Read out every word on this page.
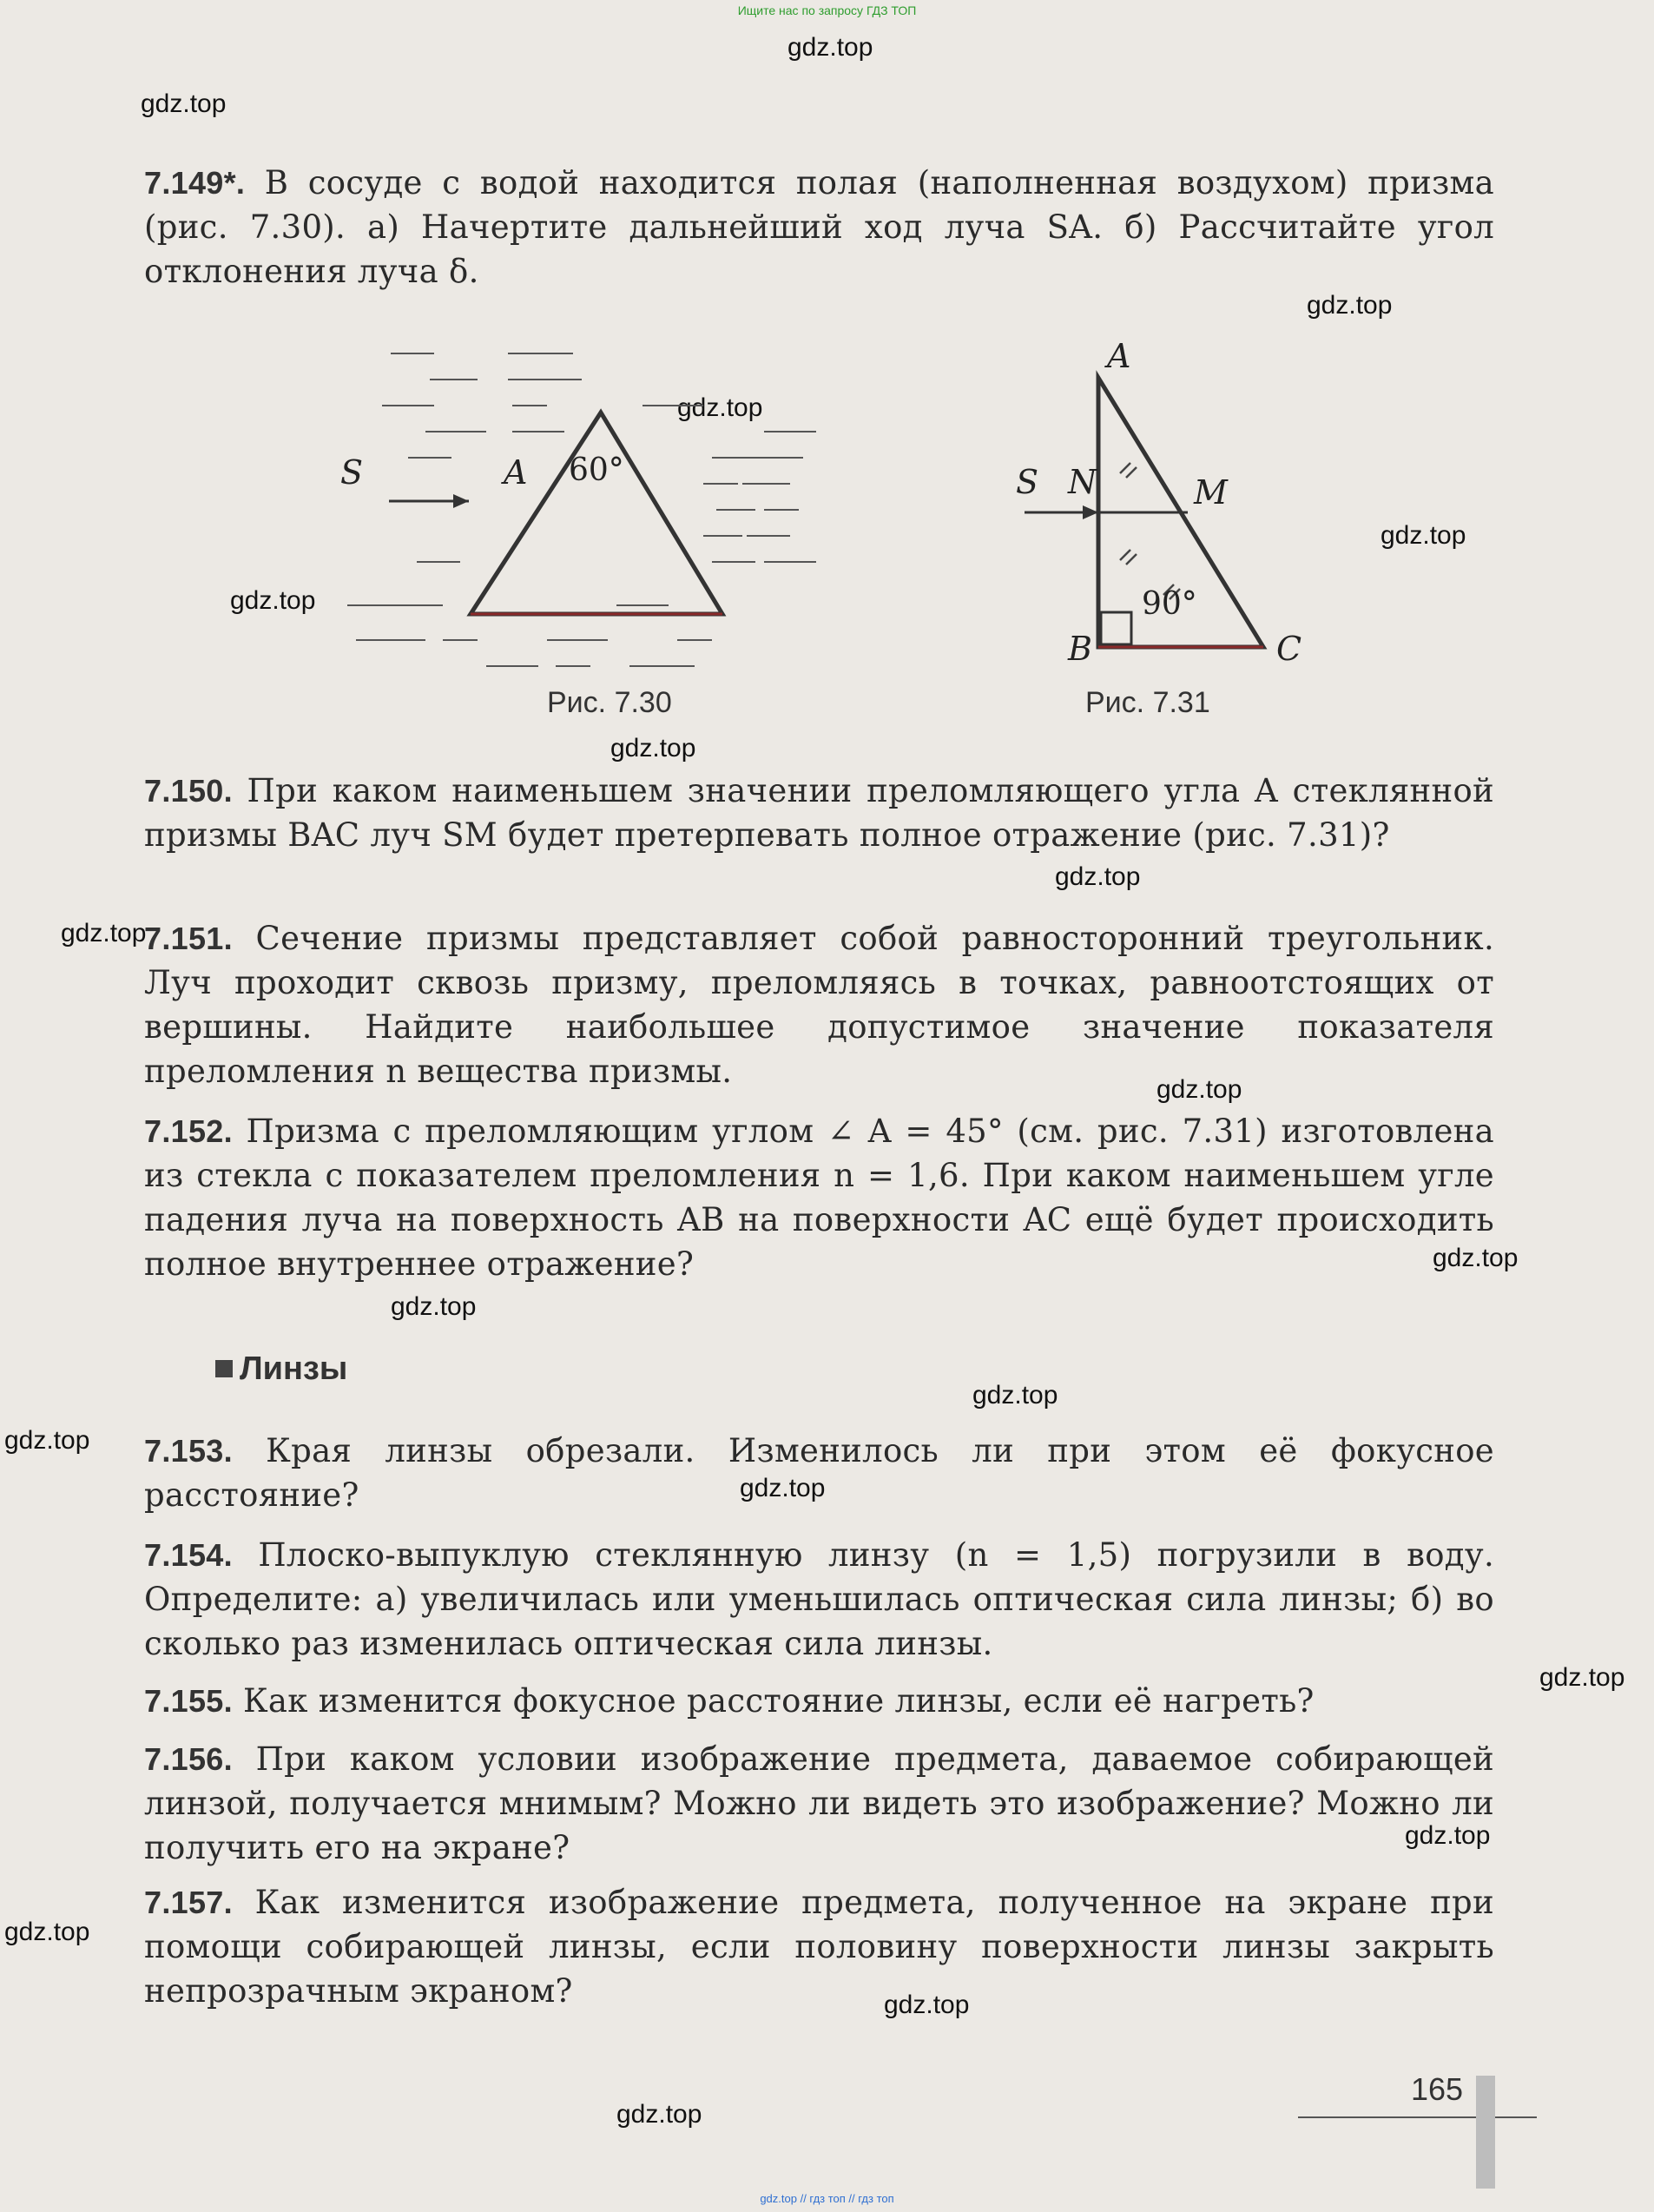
Ищите нас по запросу ГДЗ ТОП
gdz.top
gdz.top
gdz.top
gdz.top
gdz.top
gdz.top
gdz.top
gdz.top
gdz.top
gdz.top
gdz.top
gdz.top
gdz.top
gdz.top
gdz.top
gdz.top
gdz.top
gdz.top
gdz.top
gdz.top
7.149*. В сосуде с водой находится полая (наполненная воздухом) призма (рис. 7.30). а) Начертите дальнейший ход луча SA. б) Рассчитайте угол отклонения луча δ.
S	A 60°
Рис. 7.30
A
S N	M
90°
B	C
Рис. 7.31
7.150. При каком наименьшем значении преломляющего угла A стеклянной призмы BAC луч SM будет претерпевать полное отражение (рис. 7.31)?
7.151. Сечение призмы представляет собой равносторонний треугольник. Луч проходит сквозь призму, преломляясь в точках, равноотстоящих от вершины. Найдите наибольшее допустимое значение показателя преломления n вещества призмы.
7.152. Призма с преломляющим углом ∠ A = 45° (см. рис. 7.31) изготовлена из стекла с показателем преломления n = 1,6. При каком наименьшем угле падения луча на поверхность AB на поверхности AC ещё будет происходить полное внутреннее отражение?
Линзы
7.153. Края линзы обрезали. Изменилось ли при этом её фокусное расстояние?
7.154. Плоско-выпуклую стеклянную линзу (n = 1,5) погрузили в воду. Определите: а) увеличилась или уменьшилась оптическая сила линзы; б) во сколько раз изменилась оптическая сила линзы.
7.155. Как изменится фокусное расстояние линзы, если её нагреть?
7.156. При каком условии изображение предмета, даваемое собирающей линзой, получается мнимым? Можно ли видеть это изображение? Можно ли получить его на экране?
7.157. Как изменится изображение предмета, полученное на экране при помощи собирающей линзы, если половину поверхности линзы закрыть непрозрачным экраном?
165
gdz.top // гдз топ // гдз топ
